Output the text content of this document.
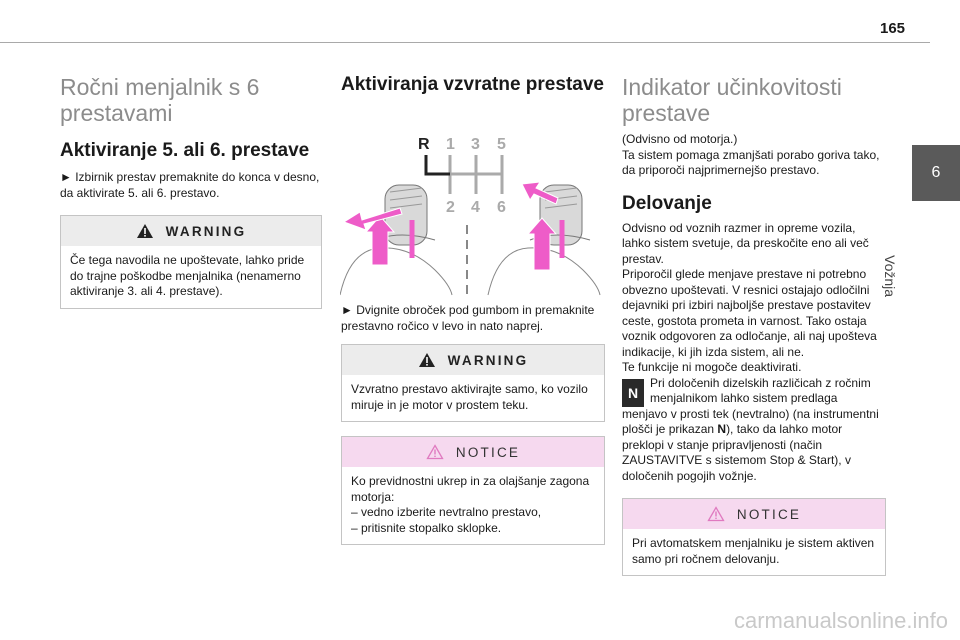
165
6
Vožnja
Ročni menjalnik s 6 prestavami
Aktiviranje 5. ali 6. prestave

► Izbirnik prestav premaknite do konca v desno, da aktivirate 5. ali 6. prestavo.

WARNING
Če tega navodila ne upoštevate, lahko pride do trajne poškodbe menjalnika (nenamerno aktiviranje 3. ali 4. prestave).
Aktiviranja vzvratne prestave
R 1 3 5
2 4 6

► Dvignite obroček pod gumbom in premaknite prestavno ročico v levo in nato naprej.

WARNING
Vzvratno prestavo aktivirajte samo, ko vozilo miruje in je motor v prostem teku.
NOTICE

Ko previdnostni ukrep in za olajšanje zagona motorja:

– vedno izberite nevtralno prestavo,

– pritisnite stopalko sklopke.

Indikator učinkovitosti prestave

(Odvisno od motorja.)
Ta sistem pomaga zmanjšati porabo goriva tako, da priporoči najprimernejšo prestavo.

Delovanje

Odvisno od voznih razmer in opreme vozila, lahko sistem svetuje, da preskočite eno ali več prestav.
Priporočil glede menjave prestave ni potrebno obvezno upoštevati. V resnici ostajajo odločilni dejavniki pri izbiri najboljše prestave postavitev ceste, gostota prometa in varnost. Tako ostaja voznik odgovoren za odločanje, ali naj upošteva indikacije, ki jih izda sistem, ali ne.
Te funkcije ni mogoče deaktivirati.

N
Pri določenih dizelskih različicah z ročnim menjalnikom lahko sistem predlaga menjavo v prosti tek (nevtralno) (na instrumentni plošči je prikazan N), tako da lahko motor preklopi v stanje pripravljenosti (način ZAUSTAVITVE s sistemom Stop & Start), v določenih pogojih vožnje.

NOTICE
Pri avtomatskem menjalniku je sistem aktiven samo pri ročnem delovanju.
carmanualsonline.info
